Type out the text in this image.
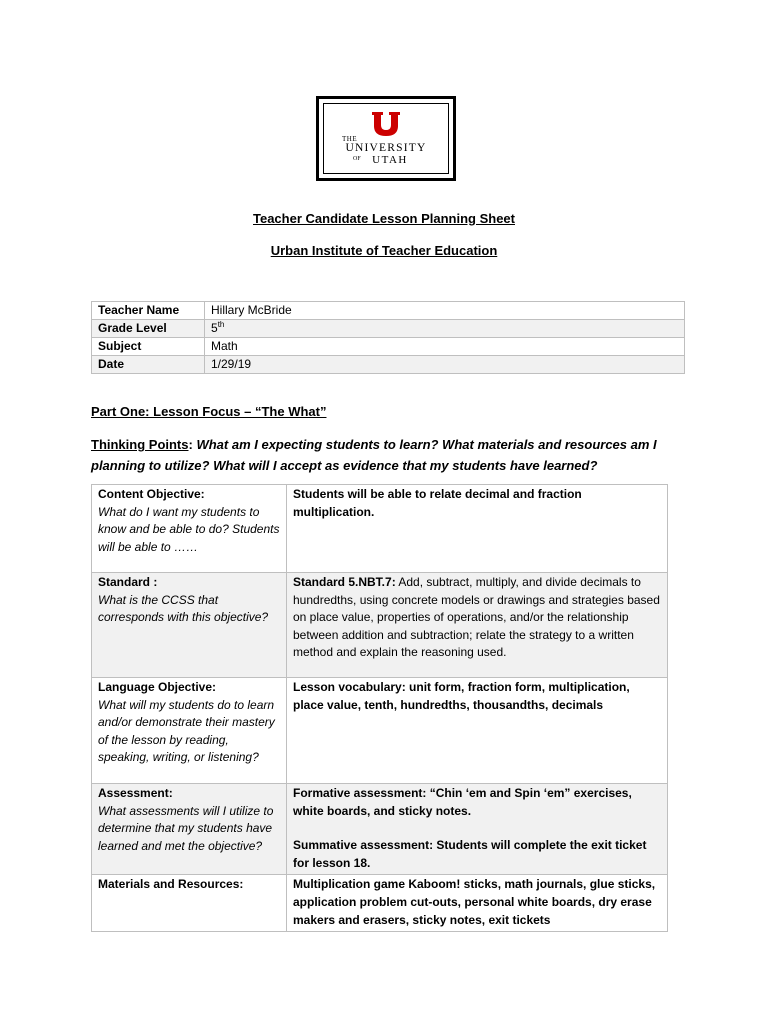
THE
UNIVERSITY
OF	UTAH
Teacher Candidate Lesson Planning Sheet
Urban Institute of Teacher Education
Teacher Name	Hillary McBride
Grade Level	5th
Subject	Math
Date	1/29/19
Part One: Lesson Focus – “The What”
Thinking Points: What am I expecting students to learn? What materials and resources am I planning to utilize? What will I accept as evidence that my students have learned?
Content Objective:
What do I want my students to know and be able to do? Students will be able to ……	Students will be able to relate decimal and fraction multiplication.

Standard :
What is the CCSS that corresponds with this objective?	Standard 5.NBT.7: Add, subtract, multiply, and divide decimals to hundredths, using concrete models or drawings and strategies based on place value, properties of operations, and/or the relationship between addition and subtraction; relate the strategy to a written method and explain the reasoning used.

Language Objective:
What will my students do to learn and/or demonstrate their mastery of the lesson by reading, speaking, writing, or listening?	Lesson vocabulary: unit form, fraction form, multiplication, place value, tenth, hundredths, thousandths, decimals

Assessment:
What assessments will I utilize to determine that my students have learned and met the objective?	Formative assessment: “Chin ‘em and Spin ‘em” exercises, white boards, and sticky notes.
Summative assessment: Students will complete the exit ticket for lesson 18.

Materials and Resources:	Multiplication game Kaboom! sticks, math journals, glue sticks, application problem cut-outs, personal white boards, dry erase makers and erasers, sticky notes, exit tickets
